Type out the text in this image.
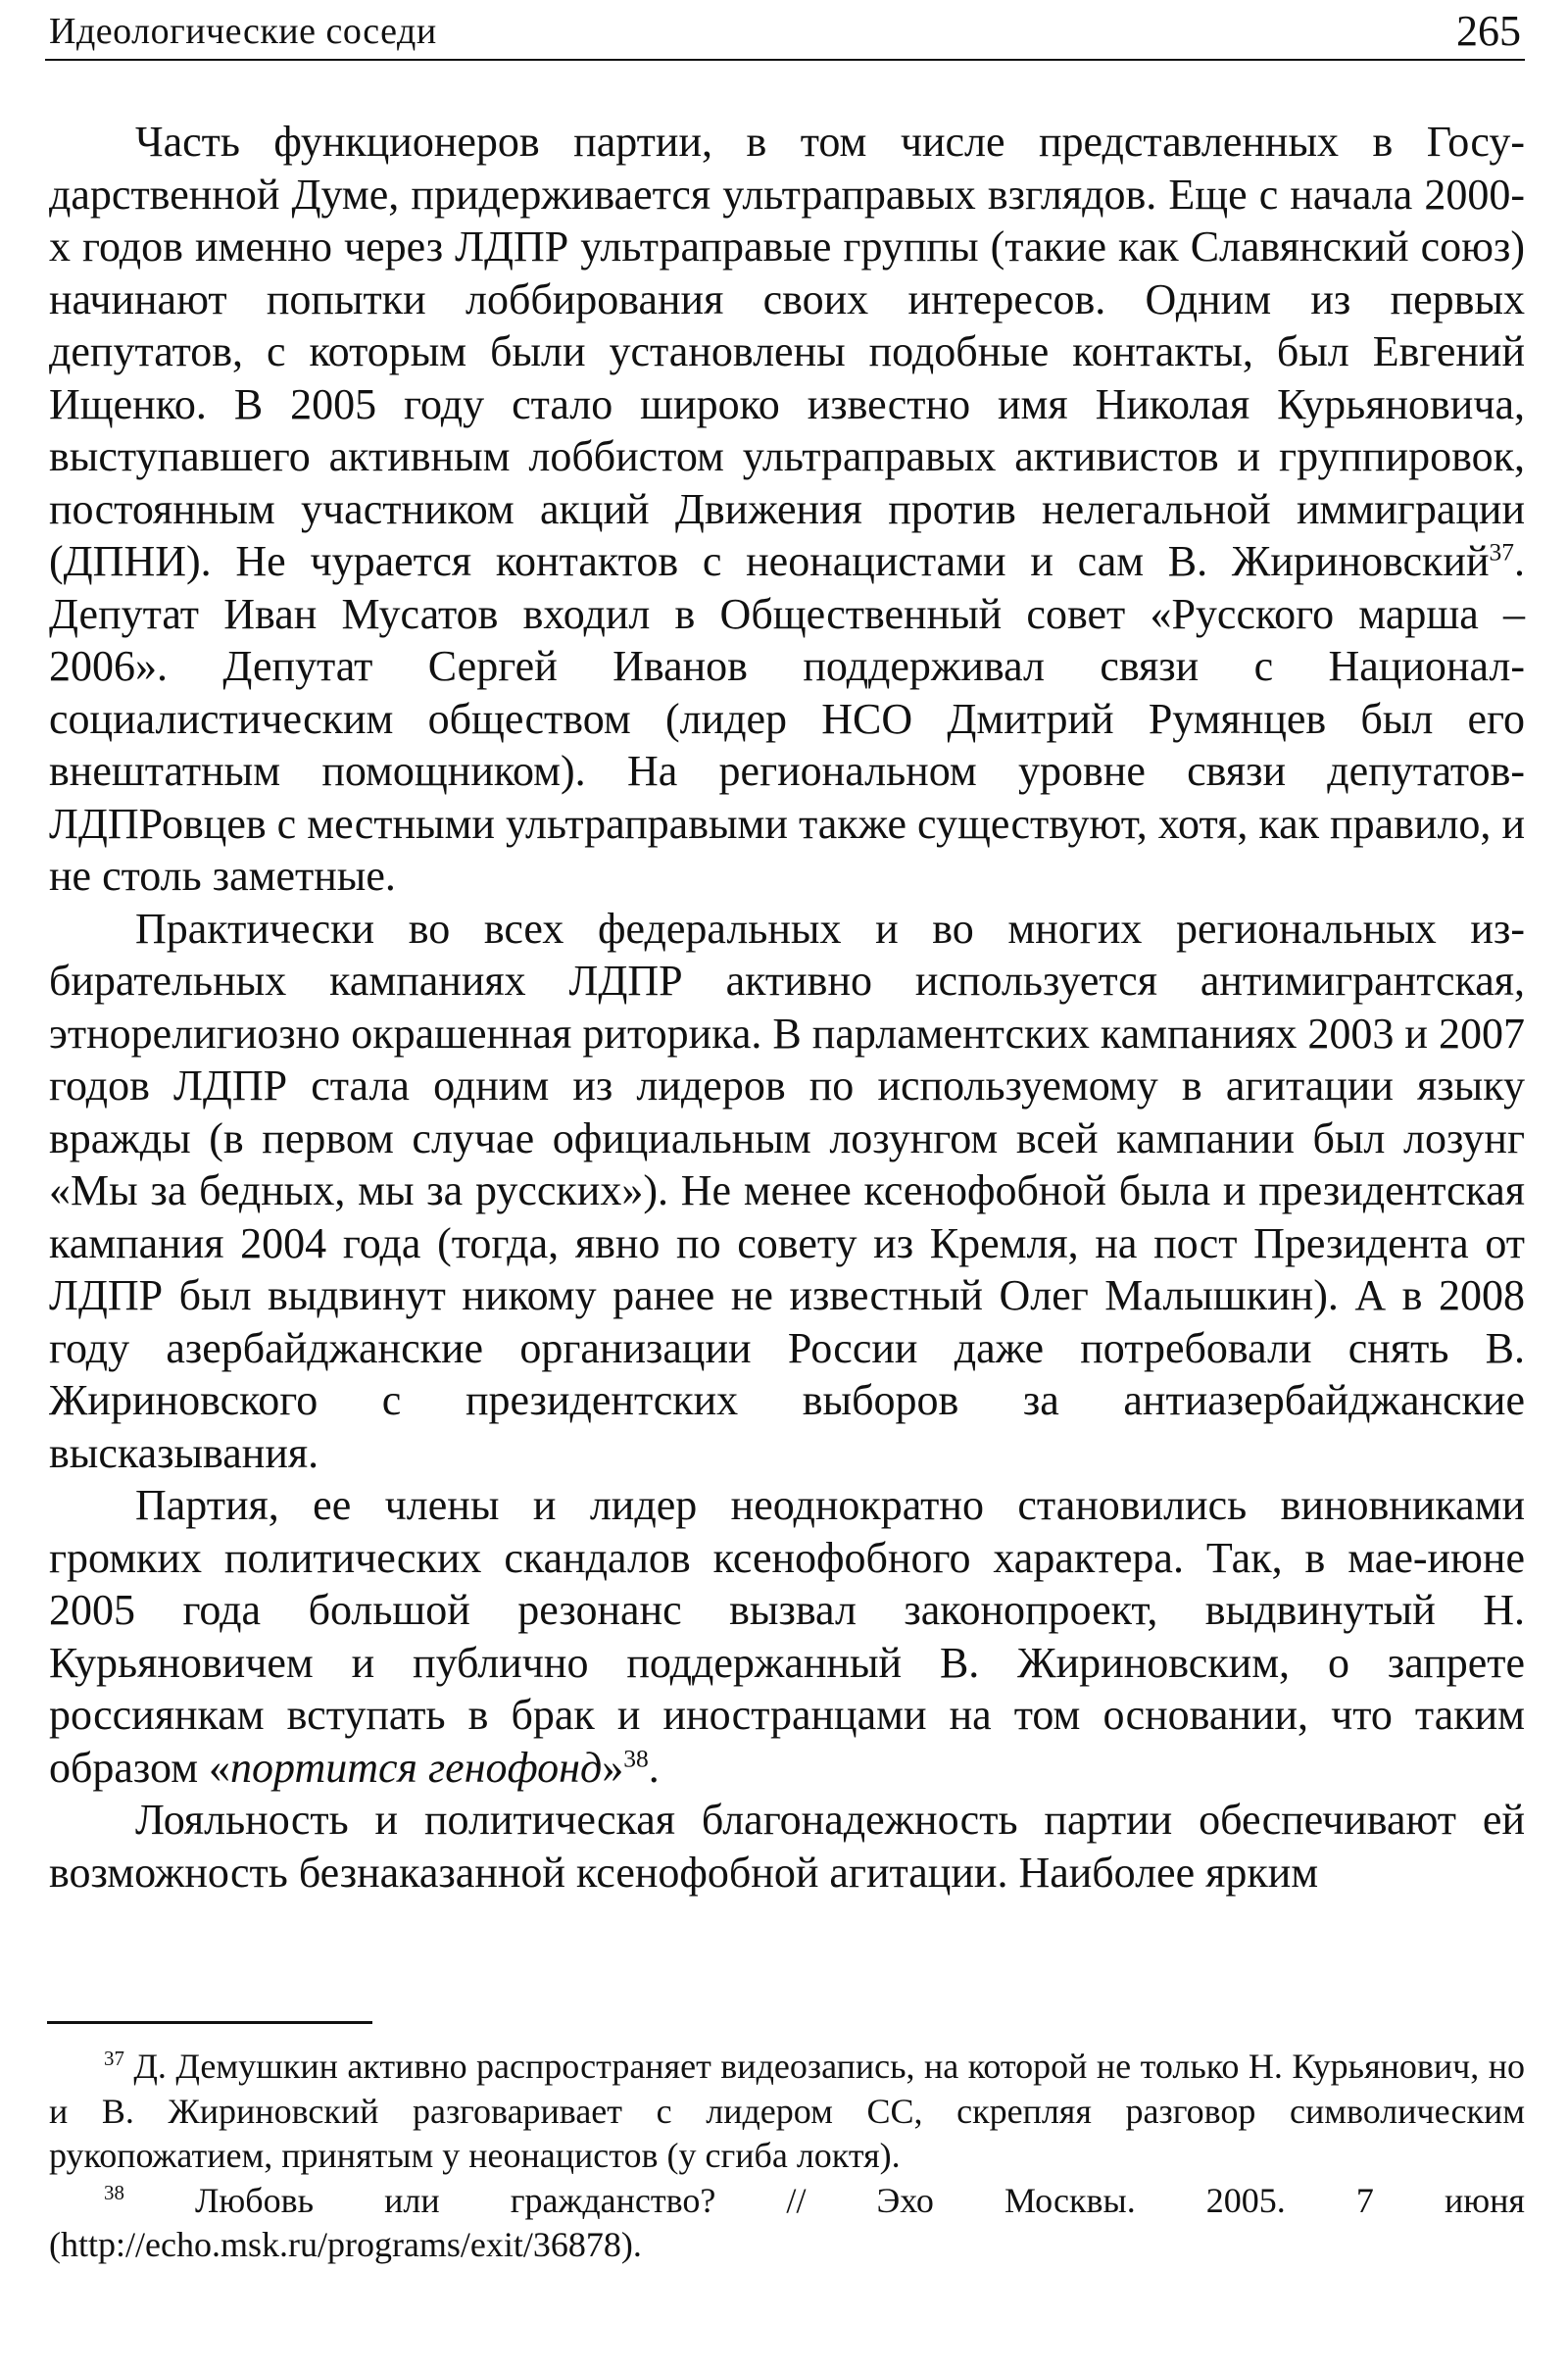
Идеологические соседи	265

Часть функционеров партии, в том числе представленных в Государственной Думе, придерживается ультраправых взглядов. Еще с начала 2000-х годов именно через ЛДПР ультраправые группы (такие как Славянский союз) начинают попытки лоббирования своих интересов. Одним из первых депутатов, с которым были установлены подобные контакты, был Евгений Ищенко. В 2005 году стало широко известно имя Николая Курьяновича, выступавшего активным лоббистом ультраправых активистов и группировок, постоянным участником акций Движения против нелегальной иммиграции (ДПНИ). Не чурается контактов с неонацистами и сам В. Жириновский$^{37}$. Депутат Иван Мусатов входил в Общественный совет «Русского марша – 2006». Депутат Сергей Иванов поддерживал связи с Национал-социалистическим обществом (лидер НСО Дмитрий Румянцев был его внештатным помощником). На региональном уровне связи депутатов-ЛДПРовцев с местными ультраправыми также существуют, хотя, как правило, и не столь заметные.

Практически во всех федеральных и во многих региональных избирательных кампаниях ЛДПР активно используется антимигрантская, этнорелигиозно окрашенная риторика. В парламентских кампаниях 2003 и 2007 годов ЛДПР стала одним из лидеров по используемому в агитации языку вражды (в первом случае официальным лозунгом всей кампании был лозунг «Мы за бедных, мы за русских»). Не менее ксенофобной была и президентская кампания 2004 года (тогда, явно по совету из Кремля, на пост Президента от ЛДПР был выдвинут никому ранее не известный Олег Малышкин). А в 2008 году азербайджанские организации России даже потребовали снять В. Жириновского с президентских выборов за антиазербайджанские высказывания.

Партия, ее члены и лидер неоднократно становились виновниками громких политических скандалов ксенофобного характера. Так, в мае-июне 2005 года большой резонанс вызвал законопроект, выдвинутый Н. Курьяновичем и публично поддержанный В. Жириновским, о запрете россиянкам вступать в брак и иностранцами на том основании, что таким образом «портится генофонд»$^{38}$.

Лояльность и политическая благонадежность партии обеспечивают ей возможность безнаказанной ксенофобной агитации. Наиболее ярким

$^{37}$ Д. Демушкин активно распространяет видеозапись, на которой не только Н. Курьянович, но и В. Жириновский разговаривает с лидером СС, скрепляя разговор символическим рукопожатием, принятым у неонацистов (у сгиба локтя).

$^{38}$ Любовь или гражданство? // Эхо Москвы. 2005. 7 июня (http://echo.msk.ru/programs/exit/36878).
